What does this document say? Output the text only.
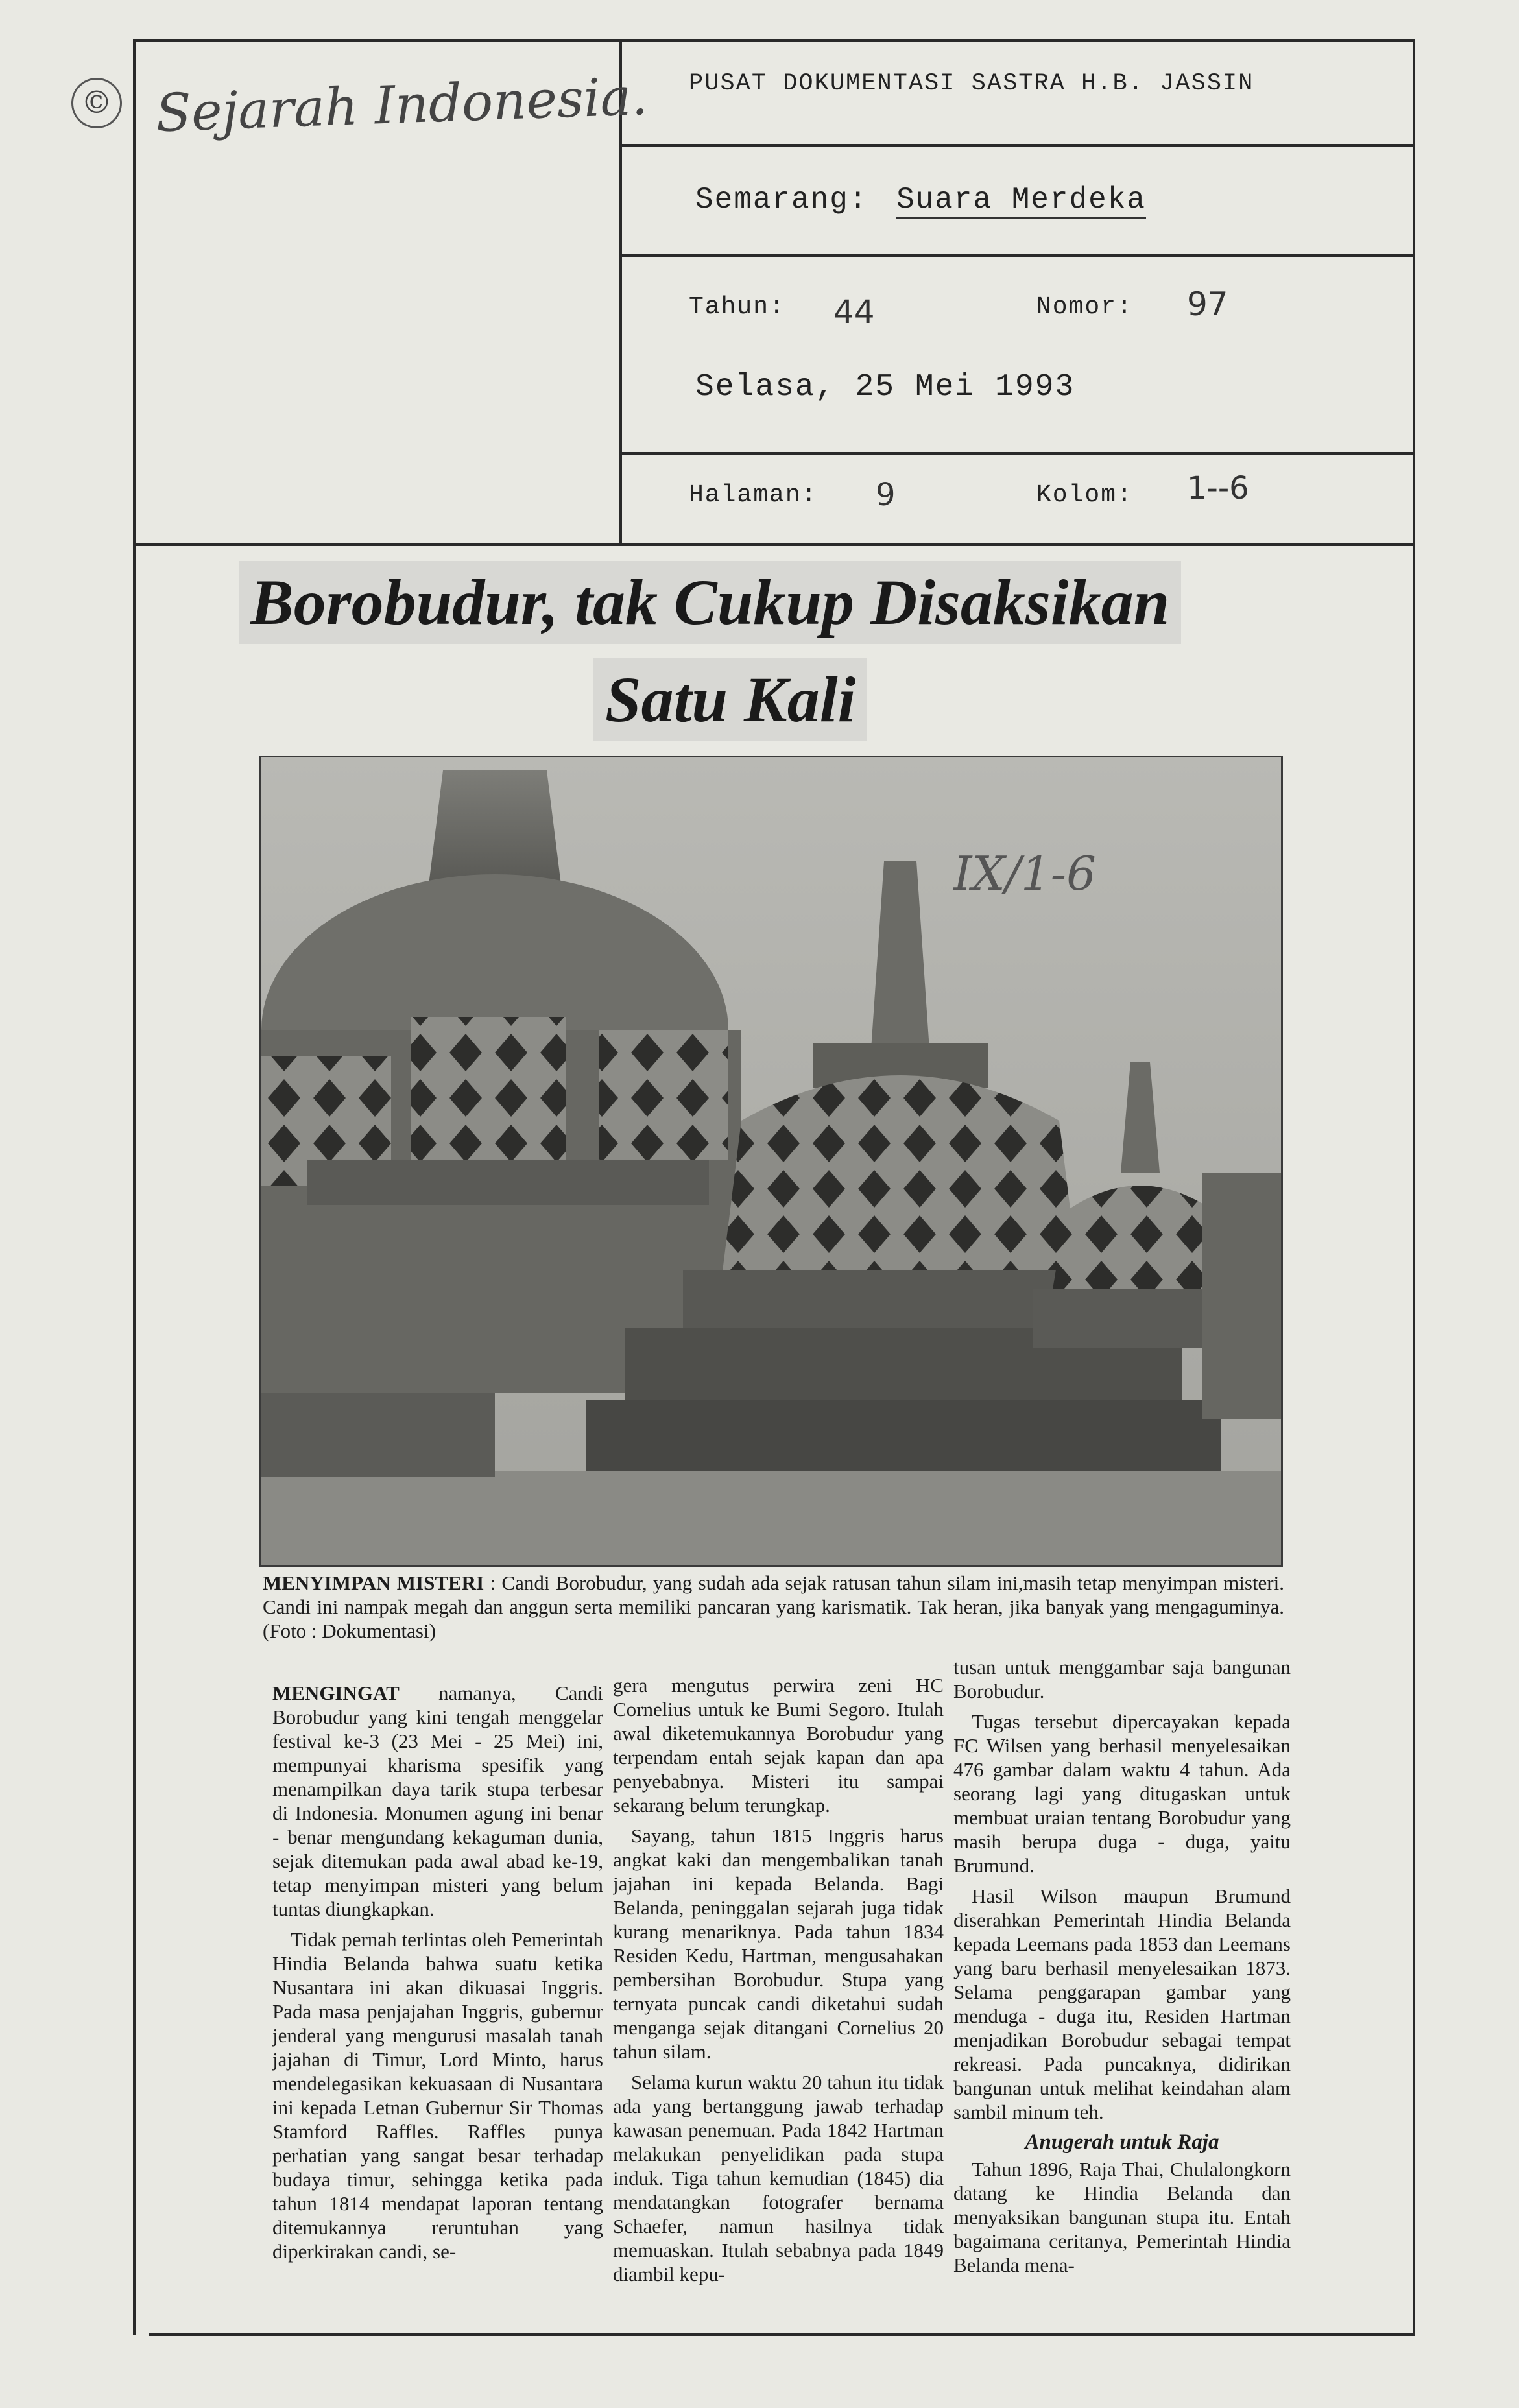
© Sejarah Indonesia. PUSAT DOKUMENTASI SASTRA H.B. JASSIN
Semarang: Suara Merdeka
Tahun: 44	Nomor: 97
Selasa, 25 Mei 1993
Halaman: 9	Kolom: 1--6
Borobudur, tak Cukup Disaksikan
Satu Kali
IX/1-6
MENYIMPAN MISTERI : Candi Borobudur, yang sudah ada sejak ratusan tahun silam ini,masih tetap menyimpan misteri. Candi ini nampak megah dan anggun serta memiliki pancaran yang karismatik. Tak heran, jika banyak yang mengaguminya.(Foto : Dokumentasi)

MENGINGAT namanya, Candi Borobudur yang kini tengah menggelar festival ke-3 (23 Mei - 25 Mei) ini, mempunyai kharisma spesifik yang menampilkan daya tarik stupa terbesar di Indonesia. Monumen agung ini benar - benar mengundang kekaguman dunia, sejak ditemukan pada awal abad ke-19, tetap menyimpan misteri yang belum tuntas diungkapkan.

Tidak pernah terlintas oleh Pemerintah Hindia Belanda bahwa suatu ketika Nusantara ini akan dikuasai Inggris. Pada masa penjajahan Inggris, gubernur jenderal yang mengurusi masalah tanah jajahan di Timur, Lord Minto, harus mendelegasikan kekuasaan di Nusantara ini kepada Letnan Gubernur Sir Thomas Stamford Raffles. Raffles punya perhatian yang sangat besar terhadap budaya timur, sehingga ketika pada tahun 1814 mendapat laporan tentang ditemukannya reruntuhan yang diperkirakan candi, se-

gera mengutus perwira zeni HC Cornelius untuk ke Bumi Segoro. Itulah awal diketemukannya Borobudur yang terpendam entah sejak kapan dan apa penyebabnya. Misteri itu sampai sekarang belum terungkap.

Sayang, tahun 1815 Inggris harus angkat kaki dan mengembalikan tanah jajahan ini kepada Belanda. Bagi Belanda, peninggalan sejarah juga tidak kurang menariknya. Pada tahun 1834 Residen Kedu, Hartman, mengusahakan pembersihan Borobudur. Stupa yang ternyata puncak candi diketahui sudah menganga sejak ditangani Cornelius 20 tahun silam.

Selama kurun waktu 20 tahun itu tidak ada yang bertanggung jawab terhadap kawasan penemuan. Pada 1842 Hartman melakukan penyelidikan pada stupa induk. Tiga tahun kemudian (1845) dia mendatangkan fotografer bernama Schaefer, namun hasilnya tidak memuaskan. Itulah sebabnya pada 1849 diambil kepu-

tusan untuk menggambar saja bangunan Borobudur.

Tugas tersebut dipercayakan kepada FC Wilsen yang berhasil menyelesaikan 476 gambar dalam waktu 4 tahun. Ada seorang lagi yang ditugaskan untuk membuat uraian tentang Borobudur yang masih berupa duga - duga, yaitu Brumund.

Hasil Wilson maupun Brumund diserahkan Pemerintah Hindia Belanda kepada Leemans pada 1853 dan Leemans yang baru berhasil menyelesaikan 1873. Selama penggarapan gambar yang menduga - duga itu, Residen Hartman menjadikan Borobudur sebagai tempat rekreasi. Pada puncaknya, didirikan bangunan untuk melihat keindahan alam sambil minum teh.

Anugerah untuk Raja

Tahun 1896, Raja Thai, Chulalongkorn datang ke Hindia Belanda dan menyaksikan bangunan stupa itu. Entah bagaimana ceritanya, Pemerintah Hindia Belanda mena-
